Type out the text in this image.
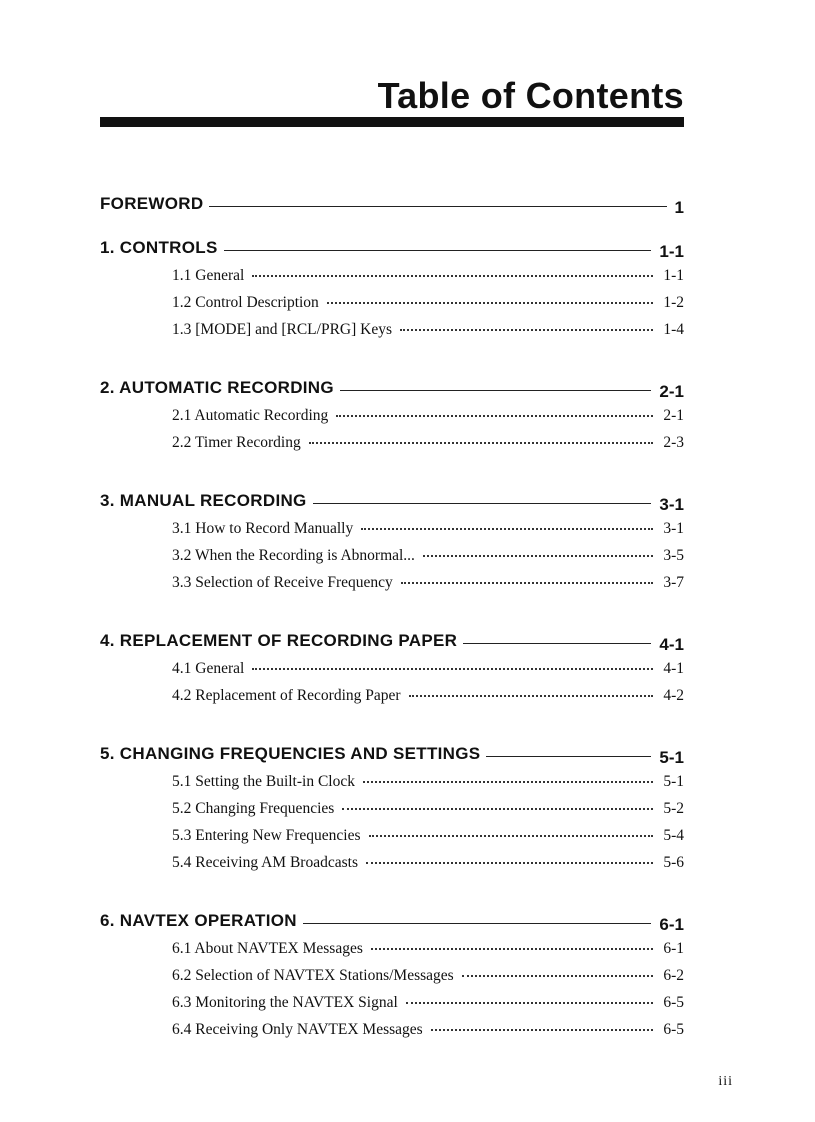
Table of Contents
FOREWORD	1
1. CONTROLS	1-1
1.1 General	1-1
1.2 Control Description	1-2
1.3 [MODE] and [RCL/PRG] Keys	1-4
2. AUTOMATIC RECORDING	2-1
2.1 Automatic Recording	2-1
2.2 Timer Recording	2-3
3. MANUAL RECORDING	3-1
3.1 How to Record Manually	3-1
3.2 When the Recording is Abnormal...	3-5
3.3 Selection of Receive Frequency	3-7
4. REPLACEMENT OF RECORDING PAPER	4-1
4.1 General	4-1
4.2 Replacement of Recording Paper	4-2
5. CHANGING FREQUENCIES AND SETTINGS	5-1
5.1 Setting the Built-in Clock	5-1
5.2 Changing Frequencies	5-2
5.3 Entering New Frequencies	5-4
5.4 Receiving AM Broadcasts	5-6
6. NAVTEX OPERATION	6-1
6.1 About NAVTEX Messages	6-1
6.2 Selection of NAVTEX Stations/Messages	6-2
6.3 Monitoring the NAVTEX Signal	6-5
6.4 Receiving Only NAVTEX Messages	6-5
iii
